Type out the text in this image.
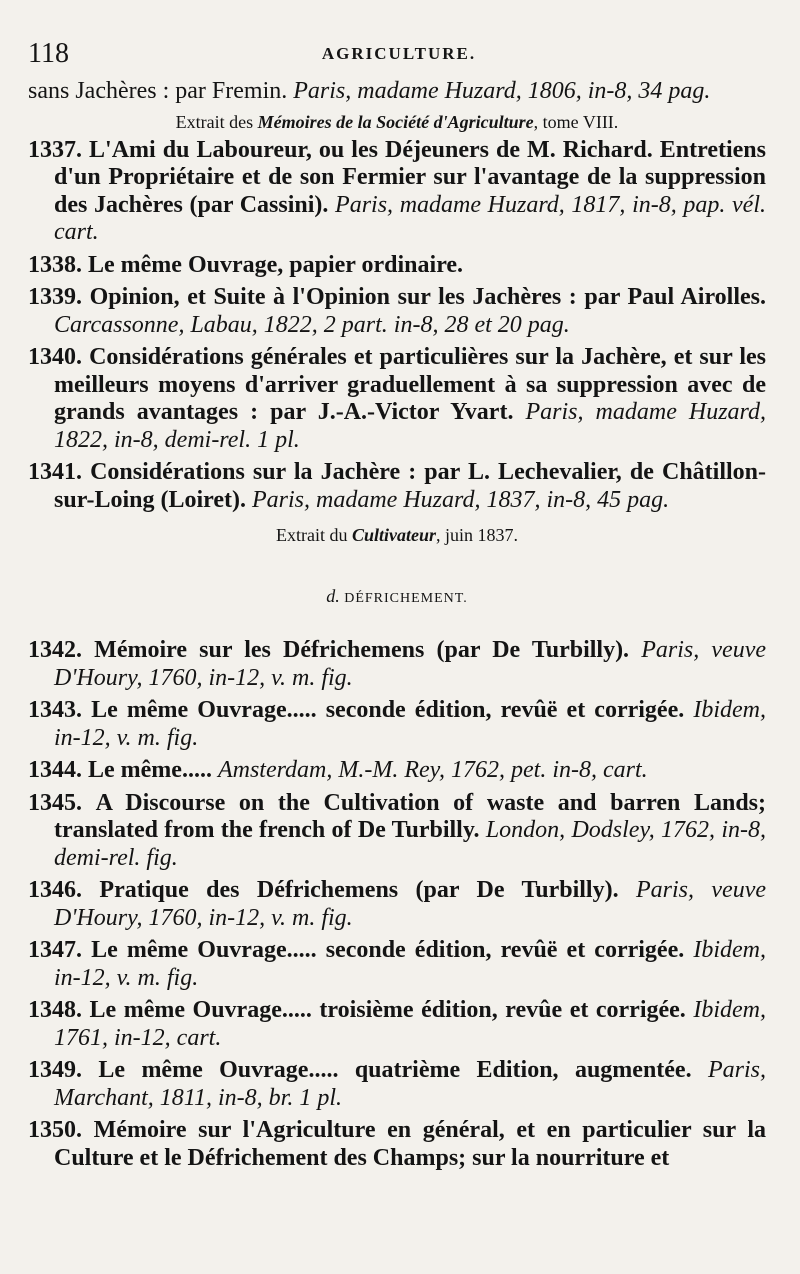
118	AGRICULTURE.

sans Jachères : par Fremin. Paris, madame Huzard, 1806, in-8, 34 pag.

Extrait des Mémoires de la Société d'Agriculture, tome VIII.

1337. L'Ami du Laboureur, ou les Déjeuners de M. Richard. Entretiens d'un Propriétaire et de son Fermier sur l'avantage de la suppression des Jachères (par Cassini). Paris, madame Huzard, 1817, in-8, pap. vél. cart.

1338. Le même Ouvrage, papier ordinaire.

1339. Opinion, et Suite à l'Opinion sur les Jachères : par Paul Airolles. Carcassonne, Labau, 1822, 2 part. in-8, 28 et 20 pag.

1340. Considérations générales et particulières sur la Jachère, et sur les meilleurs moyens d'arriver graduellement à sa suppression avec de grands avantages : par J.-A.-Victor Yvart. Paris, madame Huzard, 1822, in-8, demi-rel. 1 pl.

1341. Considérations sur la Jachère : par L. Lechevalier, de Châtillon-sur-Loing (Loiret). Paris, madame Huzard, 1837, in-8, 45 pag.

Extrait du Cultivateur, juin 1837.
d. DÉFRICHEMENT.

1342. Mémoire sur les Défrichemens (par De Turbilly). Paris, veuve D'Houry, 1760, in-12, v. m. fig.

1343. Le même Ouvrage..... seconde édition, revûë et corrigée. Ibidem, in-12, v. m. fig.

1344. Le même..... Amsterdam, M.-M. Rey, 1762, pet. in-8, cart.

1345. A Discourse on the Cultivation of waste and barren Lands; translated from the french of De Turbilly. London, Dodsley, 1762, in-8, demi-rel. fig.

1346. Pratique des Défrichemens (par De Turbilly). Paris, veuve D'Houry, 1760, in-12, v. m. fig.

1347. Le même Ouvrage..... seconde édition, revûë et corrigée. Ibidem, in-12, v. m. fig.

1348. Le même Ouvrage..... troisième édition, revûe et corrigée. Ibidem, 1761, in-12, cart.

1349. Le même Ouvrage..... quatrième Edition, augmentée. Paris, Marchant, 1811, in-8, br. 1 pl.

1350. Mémoire sur l'Agriculture en général, et en particulier sur la Culture et le Défrichement des Champs; sur la nourriture et
